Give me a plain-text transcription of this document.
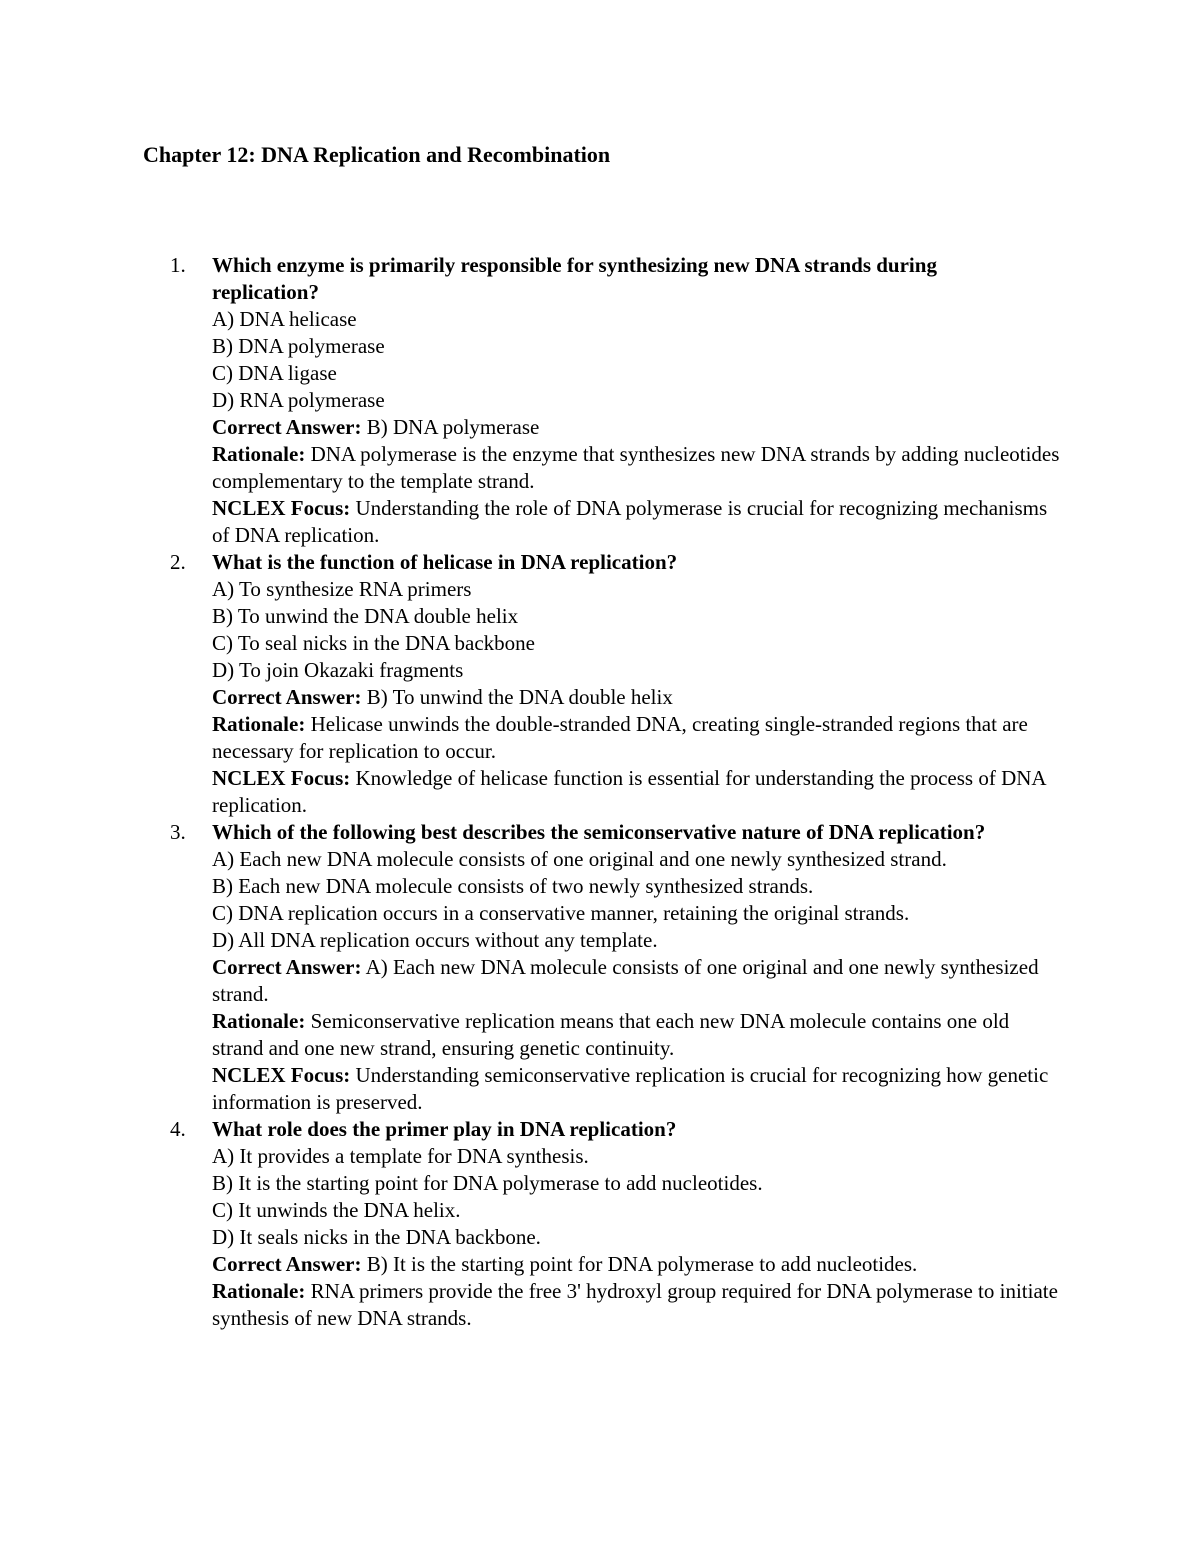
Chapter 12: DNA Replication and Recombination
1. Which enzyme is primarily responsible for synthesizing new DNA strands during replication?
A) DNA helicase
B) DNA polymerase
C) DNA ligase
D) RNA polymerase
Correct Answer: B) DNA polymerase
Rationale: DNA polymerase is the enzyme that synthesizes new DNA strands by adding nucleotides complementary to the template strand.
NCLEX Focus: Understanding the role of DNA polymerase is crucial for recognizing mechanisms of DNA replication.
2. What is the function of helicase in DNA replication?
A) To synthesize RNA primers
B) To unwind the DNA double helix
C) To seal nicks in the DNA backbone
D) To join Okazaki fragments
Correct Answer: B) To unwind the DNA double helix
Rationale: Helicase unwinds the double-stranded DNA, creating single-stranded regions that are necessary for replication to occur.
NCLEX Focus: Knowledge of helicase function is essential for understanding the process of DNA replication.
3. Which of the following best describes the semiconservative nature of DNA replication?
A) Each new DNA molecule consists of one original and one newly synthesized strand.
B) Each new DNA molecule consists of two newly synthesized strands.
C) DNA replication occurs in a conservative manner, retaining the original strands.
D) All DNA replication occurs without any template.
Correct Answer: A) Each new DNA molecule consists of one original and one newly synthesized strand.
Rationale: Semiconservative replication means that each new DNA molecule contains one old strand and one new strand, ensuring genetic continuity.
NCLEX Focus: Understanding semiconservative replication is crucial for recognizing how genetic information is preserved.
4. What role does the primer play in DNA replication?
A) It provides a template for DNA synthesis.
B) It is the starting point for DNA polymerase to add nucleotides.
C) It unwinds the DNA helix.
D) It seals nicks in the DNA backbone.
Correct Answer: B) It is the starting point for DNA polymerase to add nucleotides.
Rationale: RNA primers provide the free 3' hydroxyl group required for DNA polymerase to initiate synthesis of new DNA strands.
